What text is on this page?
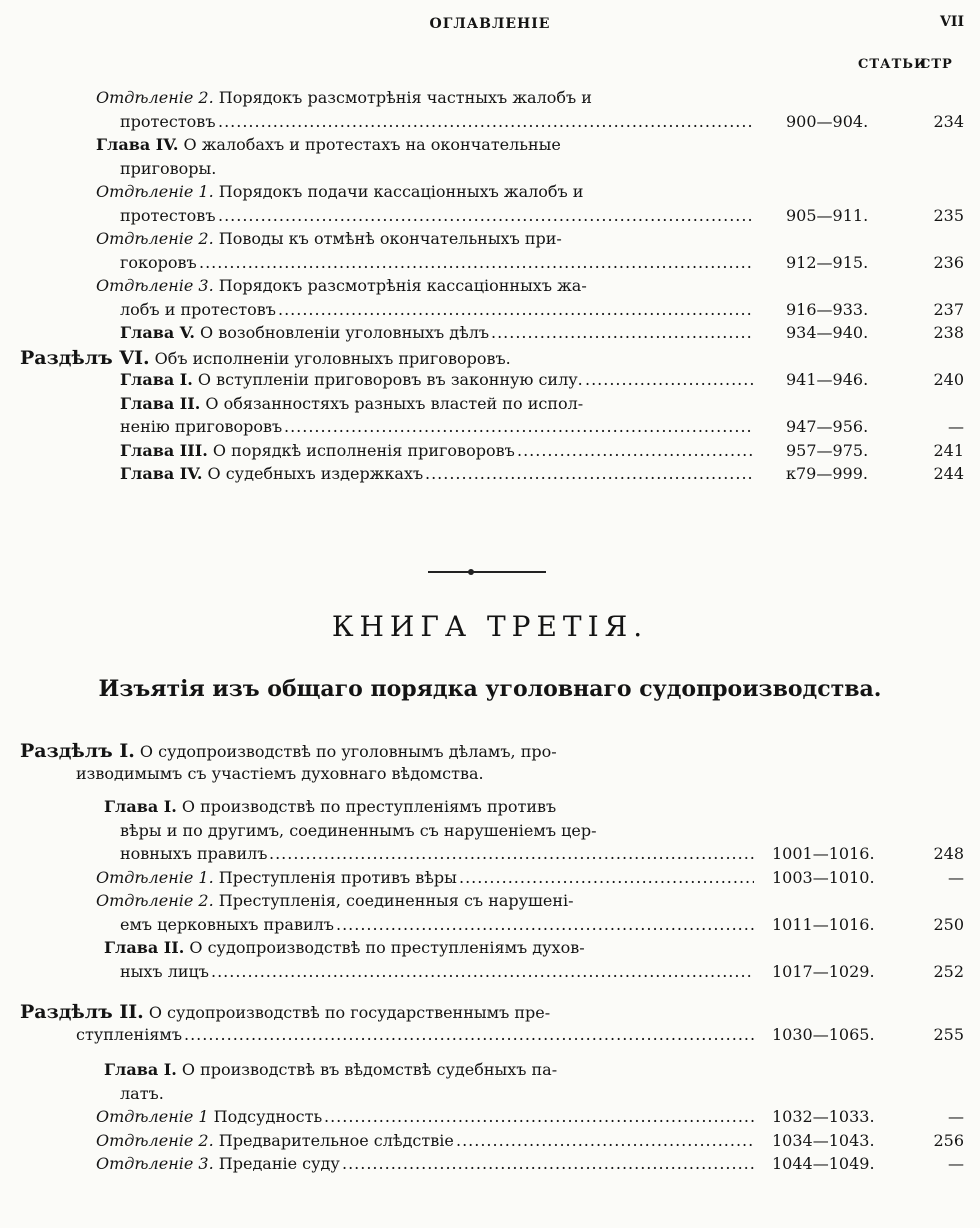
ОГЛАВЛЕНІЕ	VII
СТАТЬИ
СТР
Отдѣленіе 2. Порядокъ разсмотрѣнія частныхъ жалобъ и
протестовъ .....	900—904.	234
Глава IV. О жалобахъ и протестахъ на окончательные
приговоры.
Отдѣленіе 1. Порядокъ подачи кассаціонныхъ жалобъ и
протестовъ .....	905—911.	235
Отдѣленіе 2. Поводы къ отмѣнѣ окончательныхъ при-
гокоровъ .....	912—915.	236
Отдѣленіе 3. Порядокъ разсмотрѣнія кассаціонныхъ жа-
лобъ и протестовъ .....	916—933.	237
Глава V. О возобновленіи уголовныхъ дѣлъ .....	934—940.	238
Раздѣлъ VI. Объ исполненіи уголовныхъ приговоровъ.
Глава I. О вступленіи приговоровъ въ законную силу. .....	941—946.	240
Глава II. О обязанностяхъ разныхъ властей по испол-
ненію приговоровъ .....	947—956.	—
Глава III. О порядкѣ исполненія приговоровъ .....	957—975.	241
Глава IV. О судебныхъ издержкахъ .....	к79—999.	244
КНИГА ТРЕТІЯ.
Изъятія изъ общаго порядка уголовнаго судопроизводства.
Раздѣлъ I. О судопроизводствѣ по уголовнымъ дѣламъ, про-
изводимымъ съ участіемъ духовнаго вѣдомства.
Глава I. О производствѣ по преступленіямъ противъ
вѣры и по другимъ, соединеннымъ съ нарушеніемъ цер-
новныхъ правилъ .....	1001—1016.	248
Отдѣленіе 1. Преступленія противъ вѣры .....	1003—1010.	—
Отдѣленіе 2. Преступленія, соединенныя съ нарушені-
емъ церковныхъ правилъ .....	1011—1016.	250
Глава II. О судопроизводствѣ по преступленіямъ духов-
ныхъ лицъ .....	1017—1029.	252
Раздѣлъ II. О судопроизводствѣ по государственнымъ пре-
ступленіямъ .....	1030—1065.	255
Глава I. О производствѣ въ вѣдомствѣ судебныхъ па-
латъ.
Отдѣленіе 1 Подсудность .....	1032—1033.	—
Отдѣленіе 2. Предварительное слѣдствіе .....	1034—1043.	256
Отдѣленіе 3. Преданіе суду .....	1044—1049.	—
